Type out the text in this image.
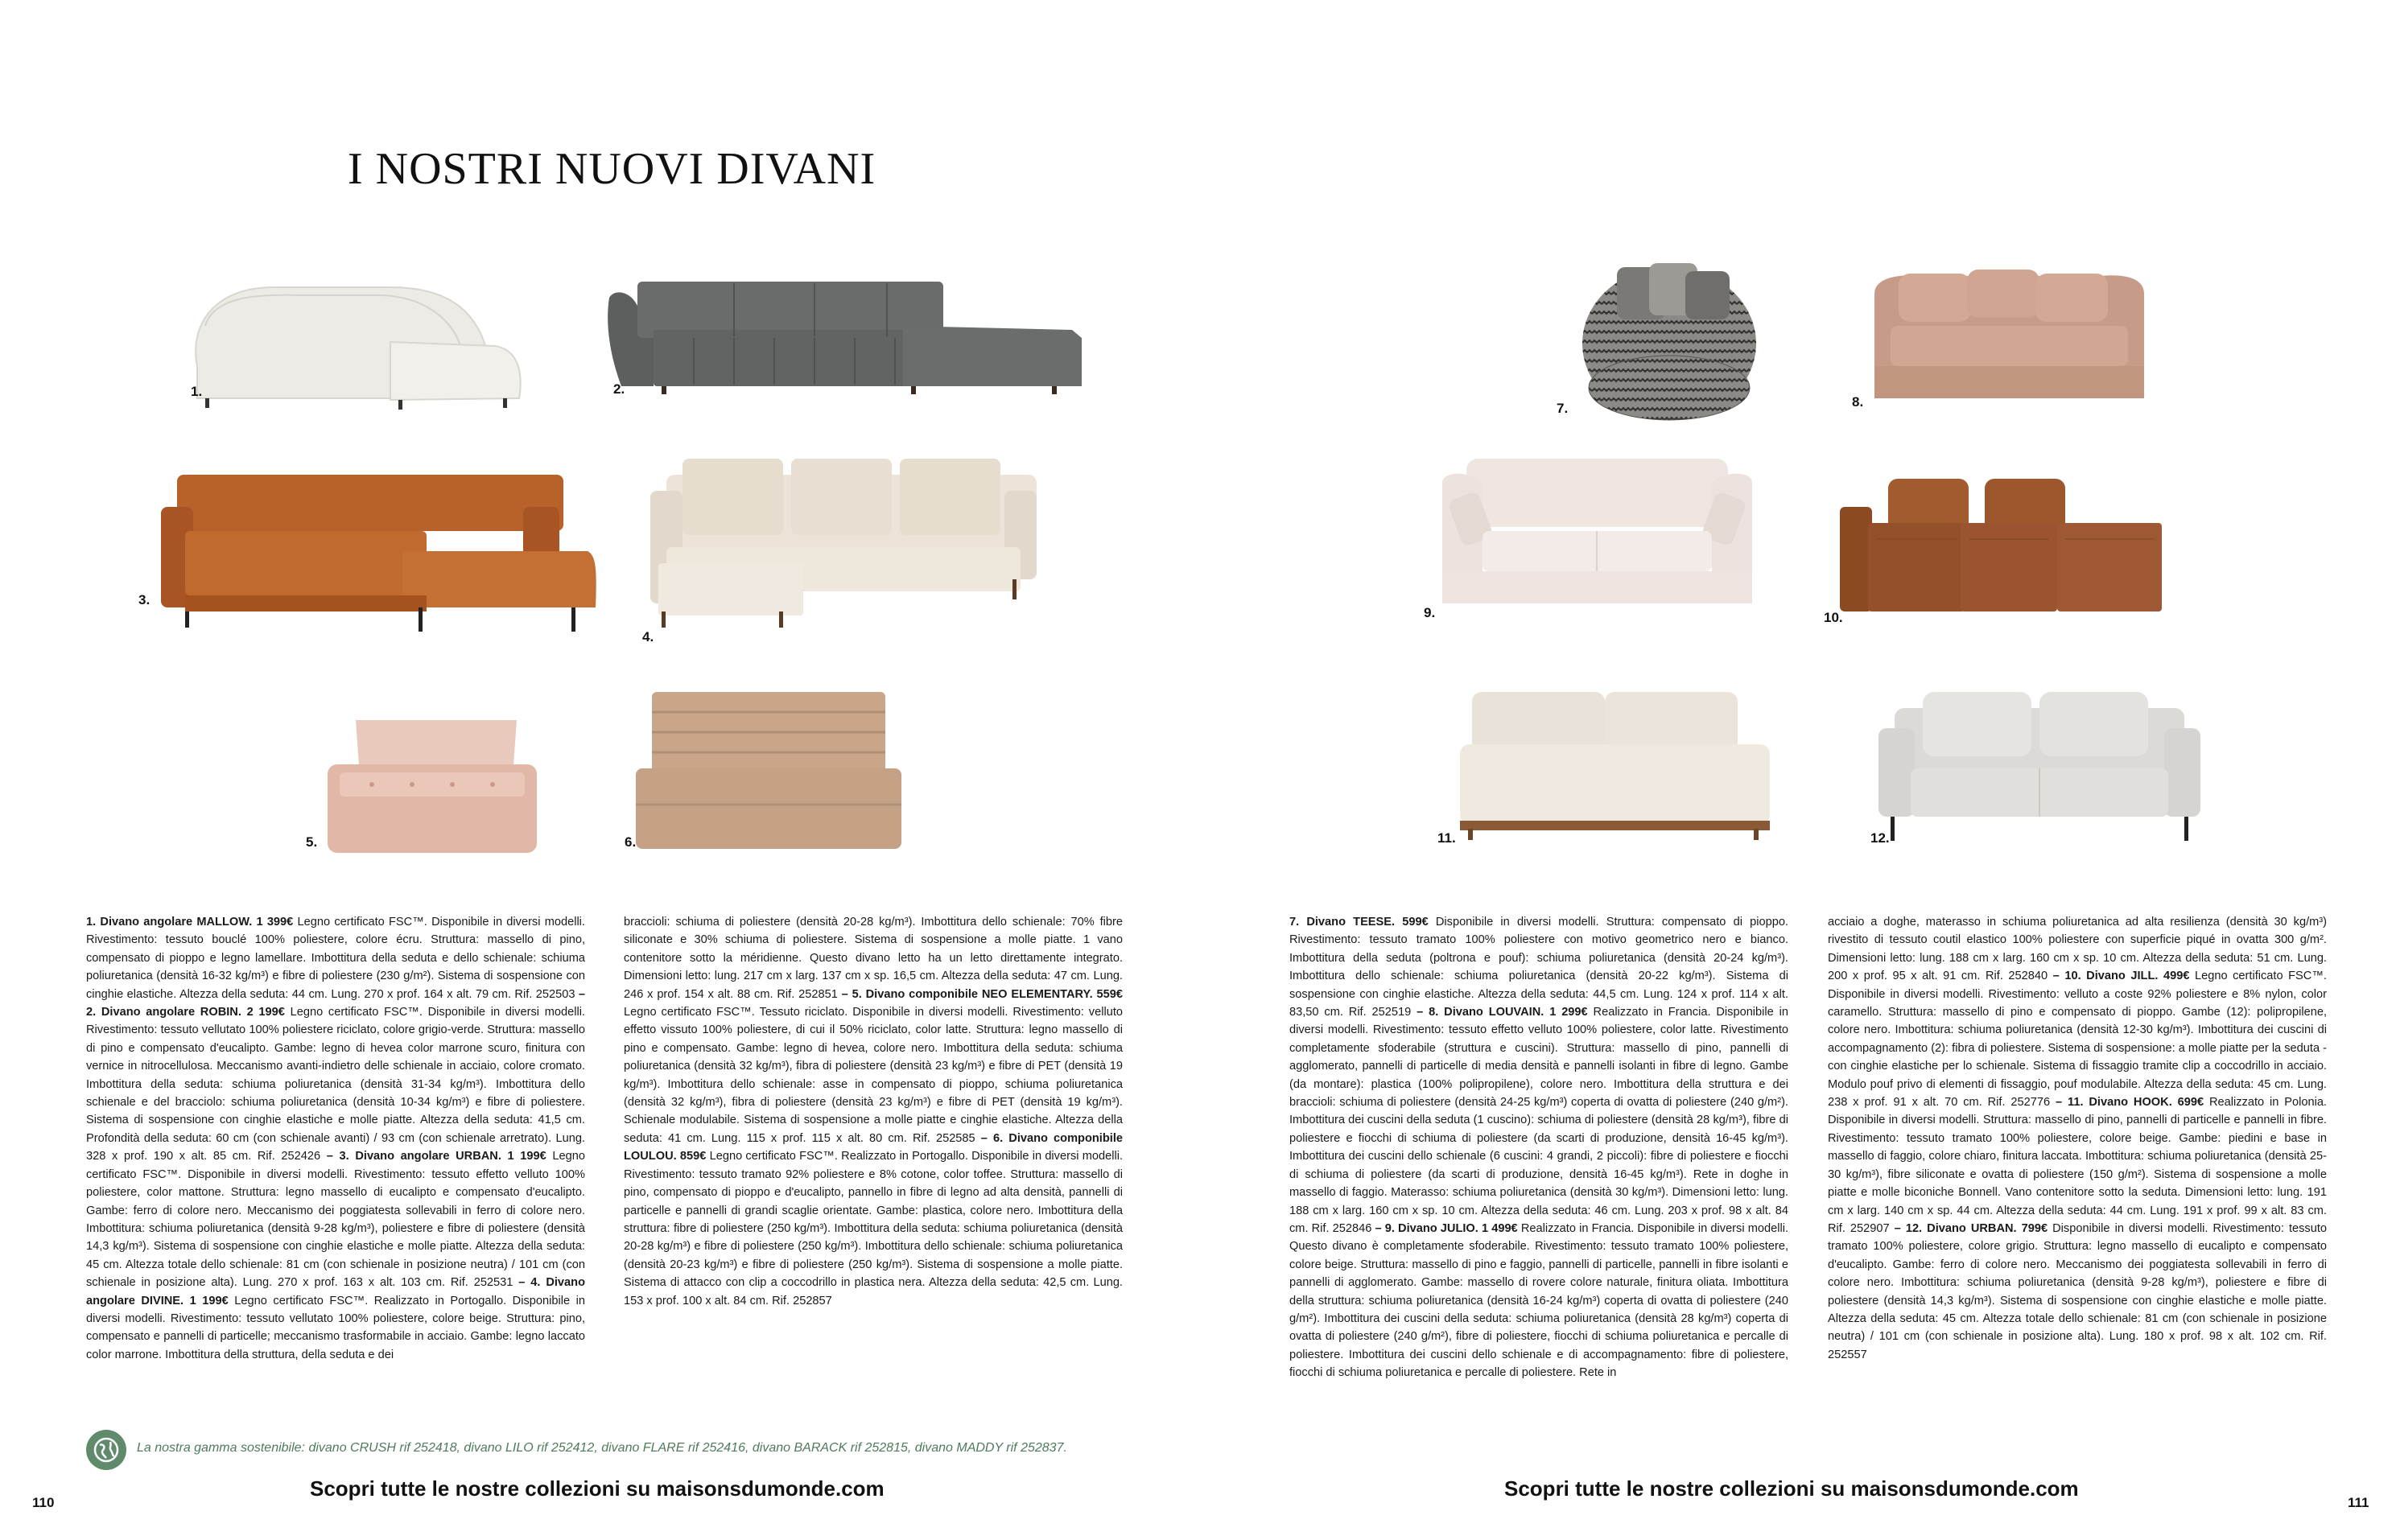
I NOSTRI NUOVI DIVANI
1.	2.
3.
4.
5.	6.
1. Divano angolare MALLOW. 1 399€ Legno certificato FSC™. Disponibile in diversi modelli. Rivestimento: tessuto bouclé 100% poliestere, colore écru. Struttura: massello di pino, compensato di pioppo e legno lamellare. Imbottitura della seduta e dello schienale: schiuma poliuretanica (densità 16-32 kg/m³) e fibre di poliestere (230 g/m²). Sistema di sospensione con cinghie elastiche. Altezza della seduta: 44 cm. Lung. 270 x prof. 164 x alt. 79 cm. Rif. 252503 – 2. Divano angolare ROBIN. 2 199€ Legno certificato FSC™. Disponibile in diversi modelli. Rivestimento: tessuto vellutato 100% poliestere riciclato, colore grigio-verde. Struttura: massello di pino e compensato d'eucalipto. Gambe: legno di hevea color marrone scuro, finitura con vernice in nitrocellulosa. Meccanismo avanti-indietro delle schienale in acciaio, colore cromato. Imbottitura della seduta: schiuma poliuretanica (densità 31-34 kg/m³). Imbottitura dello schienale e del bracciolo: schiuma poliuretanica (densità 10-34 kg/m³) e fibre di poliestere. Sistema di sospensione con cinghie elastiche e molle piatte. Altezza della seduta: 41,5 cm. Profondità della seduta: 60 cm (con schienale avanti) / 93 cm (con schienale arretrato). Lung. 328 x prof. 190 x alt. 85 cm. Rif. 252426 – 3. Divano angolare URBAN. 1 199€ Legno certificato FSC™. Disponibile in diversi modelli. Rivestimento: tessuto effetto velluto 100% poliestere, color mattone. Struttura: legno massello di eucalipto e compensato d'eucalipto. Gambe: ferro di colore nero. Meccanismo dei poggiatesta sollevabili in ferro di colore nero. Imbottitura: schiuma poliuretanica (densità 9-28 kg/m³), poliestere e fibre di poliestere (densità 14,3 kg/m³). Sistema di sospensione con cinghie elastiche e molle piatte. Altezza della seduta: 45 cm. Altezza totale dello schienale: 81 cm (con schienale in posizione neutra) / 101 cm (con schienale in posizione alta). Lung. 270 x prof. 163 x alt. 103 cm. Rif. 252531 – 4. Divano angolare DIVINE. 1 199€ Legno certificato FSC™. Realizzato in Portogallo. Disponibile in diversi modelli. Rivestimento: tessuto vellutato 100% poliestere, colore beige. Struttura: pino, compensato e pannelli di particelle; meccanismo trasformabile in acciaio. Gambe: legno laccato color marrone. Imbottitura della struttura, della seduta e dei
braccioli: schiuma di poliestere (densità 20-28 kg/m³). Imbottitura dello schienale: 70% fibre siliconate e 30% schiuma di poliestere. Sistema di sospensione a molle piatte. 1 vano contenitore sotto la méridienne. Questo divano letto ha un letto direttamente integrato. Dimensioni letto: lung. 217 cm x larg. 137 cm x sp. 16,5 cm. Altezza della seduta: 47 cm. Lung. 246 x prof. 154 x alt. 88 cm. Rif. 252851 – 5. Divano componibile NEO ELEMENTARY. 559€ Legno certificato FSC™. Tessuto riciclato. Disponibile in diversi modelli. Rivestimento: velluto effetto vissuto 100% poliestere, di cui il 50% riciclato, color latte. Struttura: legno massello di pino e compensato. Gambe: legno di hevea, colore nero. Imbottitura della seduta: schiuma poliuretanica (densità 32 kg/m³), fibra di poliestere (densità 23 kg/m³) e fibre di PET (densità 19 kg/m³). Imbottitura dello schienale: asse in compensato di pioppo, schiuma poliuretanica (densità 32 kg/m³), fibra di poliestere (densità 23 kg/m³) e fibre di PET (densità 19 kg/m³). Schienale modulabile. Sistema di sospensione a molle piatte e cinghie elastiche. Altezza della seduta: 41 cm. Lung. 115 x prof. 115 x alt. 80 cm. Rif. 252585 – 6. Divano componibile LOULOU. 859€ Legno certificato FSC™. Realizzato in Portogallo. Disponibile in diversi modelli. Rivestimento: tessuto tramato 92% poliestere e 8% cotone, color toffee. Struttura: massello di pino, compensato di pioppo e d'eucalipto, pannello in fibre di legno ad alta densità, pannelli di particelle e pannelli di grandi scaglie orientate. Gambe: plastica, colore nero. Imbottitura della struttura: fibre di poliestere (250 kg/m³). Imbottitura della seduta: schiuma poliuretanica (densità 20-28 kg/m³) e fibre di poliestere (250 kg/m³). Imbottitura dello schienale: schiuma poliuretanica (densità 20-23 kg/m³) e fibre di poliestere (250 kg/m³). Sistema di sospensione a molle piatte. Sistema di attacco con clip a coccodrillo in plastica nera. Altezza della seduta: 42,5 cm. Lung. 153 x prof. 100 x alt. 84 cm. Rif. 252857
La nostra gamma sostenibile: divano CRUSH rif 252418, divano LILO rif 252412, divano FLARE rif 252416, divano BARACK rif 252815, divano MADDY rif 252837.
Scopri tutte le nostre collezioni su maisonsdumonde.com
110
7.	8.
9.	10.
11.	12.
7. Divano TEESE. 599€ Disponibile in diversi modelli. Struttura: compensato di pioppo. Rivestimento: tessuto tramato 100% poliestere con motivo geometrico nero e bianco. Imbottitura della seduta (poltrona e pouf): schiuma poliuretanica (densità 20-24 kg/m³). Imbottitura dello schienale: schiuma poliuretanica (densità 20-22 kg/m³). Sistema di sospensione con cinghie elastiche. Altezza della seduta: 44,5 cm. Lung. 124 x prof. 114 x alt. 83,50 cm. Rif. 252519 – 8. Divano LOUVAIN. 1 299€ Realizzato in Francia. Disponibile in diversi modelli. Rivestimento: tessuto effetto velluto 100% poliestere, color latte. Rivestimento completamente sfoderabile (struttura e cuscini). Struttura: massello di pino, pannelli di agglomerato, pannelli di particelle di media densità e pannelli isolanti in fibre di legno. Gambe (da montare): plastica (100% polipropilene), colore nero. Imbottitura della struttura e dei braccioli: schiuma di poliestere (densità 24-25 kg/m³) coperta di ovatta di poliestere (240 g/m²). Imbottitura dei cuscini della seduta (1 cuscino): schiuma di poliestere (densità 28 kg/m³), fibre di poliestere e fiocchi di schiuma di poliestere (da scarti di produzione, densità 16-45 kg/m³). Imbottitura dei cuscini dello schienale (6 cuscini: 4 grandi, 2 piccoli): fibre di poliestere e fiocchi di schiuma di poliestere (da scarti di produzione, densità 16-45 kg/m³). Rete in doghe in massello di faggio. Materasso: schiuma poliuretanica (densità 30 kg/m³). Dimensioni letto: lung. 188 cm x larg. 160 cm x sp. 10 cm. Altezza della seduta: 46 cm. Lung. 203 x prof. 98 x alt. 84 cm. Rif. 252846 – 9. Divano JULIO. 1 499€ Realizzato in Francia. Disponibile in diversi modelli. Questo divano è completamente sfoderabile. Rivestimento: tessuto tramato 100% poliestere, colore beige. Struttura: massello di pino e faggio, pannelli di particelle, pannelli in fibre isolanti e pannelli di agglomerato. Gambe: massello di rovere colore naturale, finitura oliata. Imbottitura della struttura: schiuma poliuretanica (densità 16-24 kg/m³) coperta di ovatta di poliestere (240 g/m²). Imbottitura dei cuscini della seduta: schiuma poliuretanica (densità 28 kg/m³) coperta di ovatta di poliestere (240 g/m²), fibre di poliestere, fiocchi di schiuma poliuretanica e percalle di poliestere. Imbottitura dei cuscini dello schienale e di accompagnamento: fibre di poliestere, fiocchi di schiuma poliuretanica e percalle di poliestere. Rete in
acciaio a doghe, materasso in schiuma poliuretanica ad alta resilienza (densità 30 kg/m³) rivestito di tessuto coutil elastico 100% poliestere con superficie piqué in ovatta 300 g/m². Dimensioni letto: lung. 188 cm x larg. 160 cm x sp. 10 cm. Altezza della seduta: 51 cm. Lung. 200 x prof. 95 x alt. 91 cm. Rif. 252840 – 10. Divano JILL. 499€ Legno certificato FSC™. Disponibile in diversi modelli. Rivestimento: velluto a coste 92% poliestere e 8% nylon, color caramello. Struttura: massello di pino e compensato di pioppo. Gambe (12): polipropilene, colore nero. Imbottitura: schiuma poliuretanica (densità 12-30 kg/m³). Imbottitura dei cuscini di accompagnamento (2): fibra di poliestere. Sistema di sospensione: a molle piatte per la seduta - con cinghie elastiche per lo schienale. Sistema di fissaggio tramite clip a coccodrillo in acciaio. Modulo pouf privo di elementi di fissaggio, pouf modulabile. Altezza della seduta: 45 cm. Lung. 238 x prof. 91 x alt. 70 cm. Rif. 252776 – 11. Divano HOOK. 699€ Realizzato in Polonia. Disponibile in diversi modelli. Struttura: massello di pino, pannelli di particelle e pannelli in fibre. Rivestimento: tessuto tramato 100% poliestere, colore beige. Gambe: piedini e base in massello di faggio, colore chiaro, finitura laccata. Imbottitura: schiuma poliuretanica (densità 25-30 kg/m³), fibre siliconate e ovatta di poliestere (150 g/m²). Sistema di sospensione a molle piatte e molle biconiche Bonnell. Vano contenitore sotto la seduta. Dimensioni letto: lung. 191 cm x larg. 140 cm x sp. 44 cm. Altezza della seduta: 44 cm. Lung. 191 x prof. 99 x alt. 83 cm. Rif. 252907 – 12. Divano URBAN. 799€ Disponibile in diversi modelli. Rivestimento: tessuto tramato 100% poliestere, colore grigio. Struttura: legno massello di eucalipto e compensato d'eucalipto. Gambe: ferro di colore nero. Meccanismo dei poggiatesta sollevabili in ferro di colore nero. Imbottitura: schiuma poliuretanica (densità 9-28 kg/m³), poliestere e fibre di poliestere (densità 14,3 kg/m³). Sistema di sospensione con cinghie elastiche e molle piatte. Altezza della seduta: 45 cm. Altezza totale dello schienale: 81 cm (con schienale in posizione neutra) / 101 cm (con schienale in posizione alta). Lung. 180 x prof. 98 x alt. 102 cm. Rif. 252557
Scopri tutte le nostre collezioni su maisonsdumonde.com
111
